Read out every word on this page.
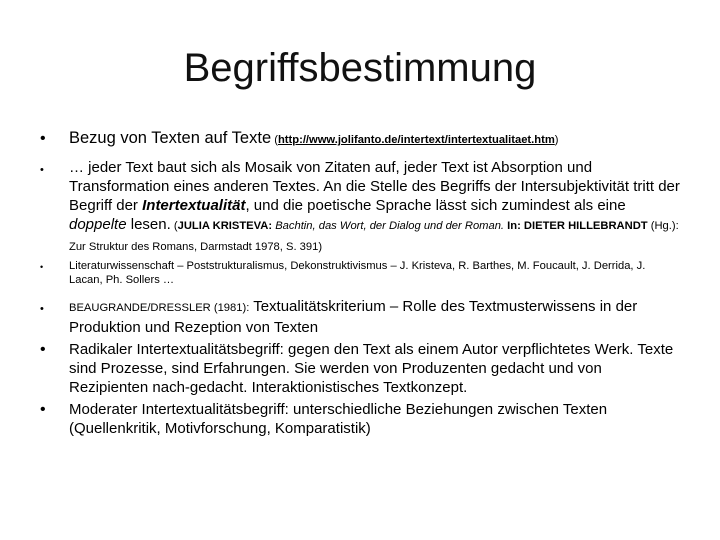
Begriffsbestimmung
•	Bezug von Texten auf Texte (http://www.jolifanto.de/intertext/intertextualitaet.htm)
•	… jeder Text baut sich als Mosaik von Zitaten auf, jeder Text ist Absorption und Transformation eines anderen Textes. An die Stelle des Begriffs der Intersubjektivität tritt der Begriff der Intertextualität, und die poetische Sprache lässt sich zumindest als eine doppelte lesen. (JULIA KRISTEVA: Bachtin, das Wort, der Dialog und der Roman. In: DIETER HILLEBRANDT (Hg.): Zur Struktur des Romans, Darmstadt 1978, S. 391)
•	Literaturwissenschaft – Poststrukturalismus, Dekonstruktivismus – J. Kristeva, R. Barthes, M. Foucault, J. Derrida, J. Lacan, Ph. Sollers …
•	BEAUGRANDE/DRESSLER (1981): Textualitätskriterium – Rolle des Textmusterwissens in der Produktion und Rezeption von Texten
•	Radikaler Intertextualitätsbegriff: gegen den Text als einem Autor verpflichtetes Werk. Texte sind Prozesse, sind Erfahrungen. Sie werden von Produzenten gedacht und von Rezipienten nach-gedacht. Interaktionistisches Textkonzept.
•	Moderater Intertextualitätsbegriff: unterschiedliche Beziehungen zwischen Texten (Quellenkritik, Motivforschung, Komparatistik)
